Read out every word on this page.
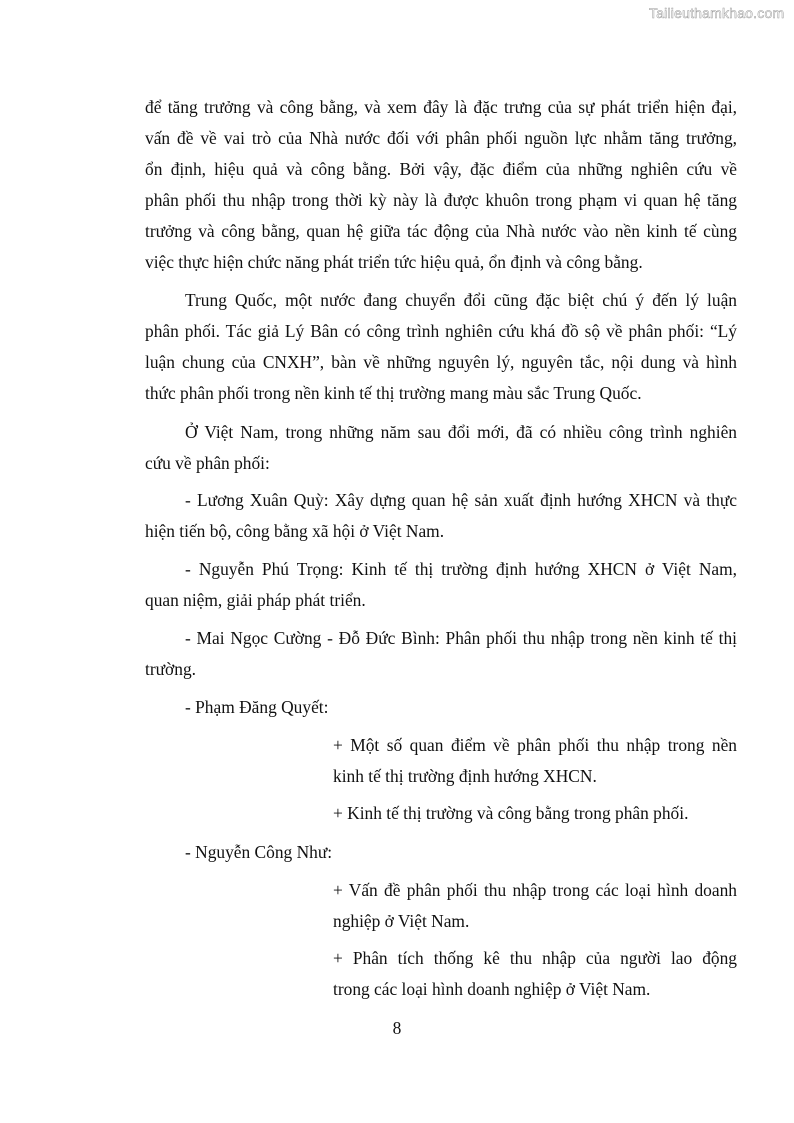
Tailieuthamkhao.com
để tăng trưởng và công bằng, và xem đây là đặc trưng của sự phát triển hiện đại,
vấn đề về vai trò của Nhà nước đối với phân phối nguồn lực nhằm tăng trưởng,
ổn định, hiệu quả và công bằng. Bởi vậy, đặc điểm của những nghiên cứu về
phân phối thu nhập trong thời kỳ này là được khuôn trong phạm vi quan hệ tăng
trưởng và công bằng, quan hệ giữa tác động của Nhà nước vào nền kinh tế cùng
việc thực hiện chức năng phát triển tức hiệu quả, ổn định và công bằng.
Trung Quốc, một nước đang chuyển đổi cũng đặc biệt chú ý đến lý luận
phân phối. Tác giả Lý Bân có công trình nghiên cứu khá đồ sộ về phân phối: “Lý
luận chung của CNXH”, bàn về những nguyên lý, nguyên tắc, nội dung và hình
thức phân phối trong nền kinh tế thị trường mang màu sắc Trung Quốc.
Ở Việt Nam, trong những năm sau đổi mới, đã có nhiều công trình nghiên
cứu về phân phối:
- Lương Xuân Quỳ: Xây dựng quan hệ sản xuất định hướng XHCN và thực
hiện tiến bộ, công bằng xã hội ở Việt Nam.
- Nguyễn Phú Trọng: Kinh tế thị trường định hướng XHCN ở Việt Nam,
quan niệm, giải pháp phát triển.
- Mai Ngọc Cường - Đỗ Đức Bình: Phân phối thu nhập trong nền kinh tế thị
trường.
- Phạm Đăng Quyết:
+ Một số quan điểm về phân phối thu nhập trong nền
kinh tế thị trường định hướng XHCN.
+ Kinh tế thị trường và công bằng trong phân phối.
- Nguyễn Công Như:
+ Vấn đề phân phối thu nhập trong các loại hình doanh
nghiệp ở Việt Nam.
+ Phân tích thống kê thu nhập của người lao động
trong các loại hình doanh nghiệp ở Việt Nam.
8
